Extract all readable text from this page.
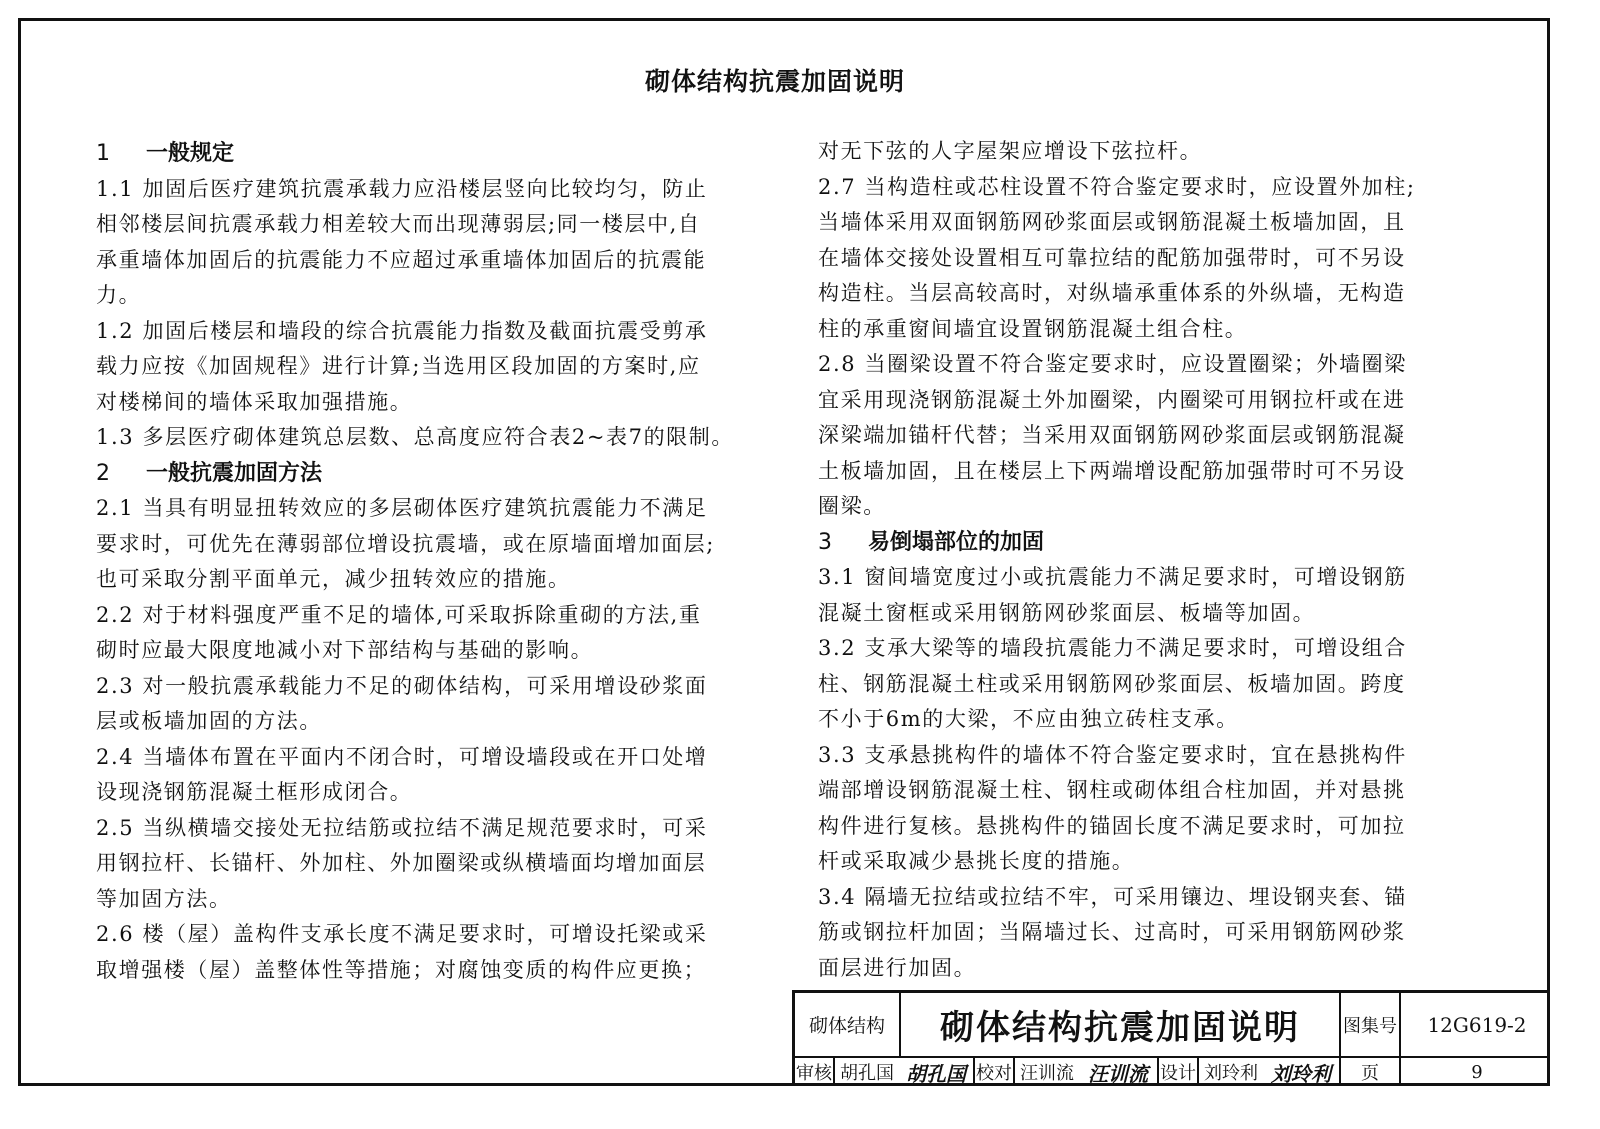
砌体结构抗震加固说明
1 一般规定
1.1 加固后医疗建筑抗震承载力应沿楼层竖向比较均匀，防止
相邻楼层间抗震承载力相差较大而出现薄弱层;同一楼层中,自
承重墙体加固后的抗震能力不应超过承重墙体加固后的抗震能
力。
1.2 加固后楼层和墙段的综合抗震能力指数及截面抗震受剪承
载力应按《加固规程》进行计算;当选用区段加固的方案时,应
对楼梯间的墙体采取加强措施。
1.3 多层医疗砌体建筑总层数、总高度应符合表2~表7的限制。
2 一般抗震加固方法
2.1 当具有明显扭转效应的多层砌体医疗建筑抗震能力不满足
要求时，可优先在薄弱部位增设抗震墙，或在原墙面增加面层;
也可采取分割平面单元，减少扭转效应的措施。
2.2 对于材料强度严重不足的墙体,可采取拆除重砌的方法,重
砌时应最大限度地减小对下部结构与基础的影响。
2.3 对一般抗震承载能力不足的砌体结构，可采用增设砂浆面
层或板墙加固的方法。
2.4 当墙体布置在平面内不闭合时，可增设墙段或在开口处增
设现浇钢筋混凝土框形成闭合。
2.5 当纵横墙交接处无拉结筋或拉结不满足规范要求时，可采
用钢拉杆、长锚杆、外加柱、外加圈梁或纵横墙面均增加面层
等加固方法。
2.6 楼（屋）盖构件支承长度不满足要求时，可增设托梁或采
取增强楼（屋）盖整体性等措施；对腐蚀变质的构件应更换；
对无下弦的人字屋架应增设下弦拉杆。
2.7 当构造柱或芯柱设置不符合鉴定要求时，应设置外加柱;
当墙体采用双面钢筋网砂浆面层或钢筋混凝土板墙加固，且
在墙体交接处设置相互可靠拉结的配筋加强带时，可不另设
构造柱。当层高较高时，对纵墙承重体系的外纵墙，无构造
柱的承重窗间墙宜设置钢筋混凝土组合柱。
2.8 当圈梁设置不符合鉴定要求时，应设置圈梁；外墙圈梁
宜采用现浇钢筋混凝土外加圈梁，内圈梁可用钢拉杆或在进
深梁端加锚杆代替；当采用双面钢筋网砂浆面层或钢筋混凝
土板墙加固，且在楼层上下两端增设配筋加强带时可不另设
圈梁。
3 易倒塌部位的加固
3.1 窗间墙宽度过小或抗震能力不满足要求时，可增设钢筋
混凝土窗框或采用钢筋网砂浆面层、板墙等加固。
3.2 支承大梁等的墙段抗震能力不满足要求时，可增设组合
柱、钢筋混凝土柱或采用钢筋网砂浆面层、板墙加固。跨度
不小于6m的大梁，不应由独立砖柱支承。
3.3 支承悬挑构件的墙体不符合鉴定要求时，宜在悬挑构件
端部增设钢筋混凝土柱、钢柱或砌体组合柱加固，并对悬挑
构件进行复核。悬挑构件的锚固长度不满足要求时，可加拉
杆或采取减少悬挑长度的措施。
3.4 隔墙无拉结或拉结不牢，可采用镶边、埋设钢夹套、锚
筋或钢拉杆加固；当隔墙过长、过高时，可采用钢筋网砂浆
面层进行加固。
砌体结构	砌体结构抗震加固说明	图集号	12G619-2
审核 胡孔国 胡孔国 校对 汪训流 汪训流 设计 刘玲利 刘玲利	页	9
